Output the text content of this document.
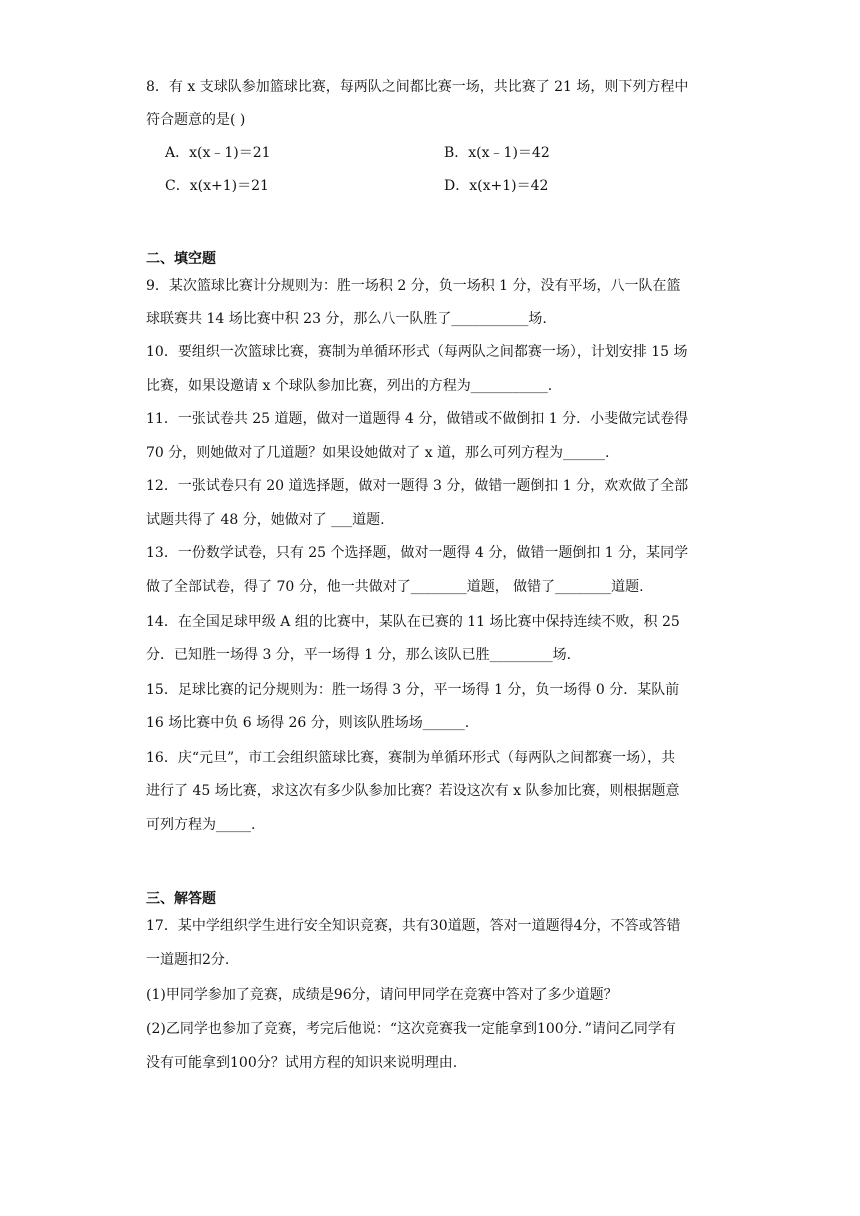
8．有 x 支球队参加篮球比赛，每两队之间都比赛一场，共比赛了 21 场，则下列方程中
符合题意的是( )
A．x(x﹣1)＝21	B．x(x﹣1)＝42
C．x(x+1)＝21	D．x(x+1)＝42
二、填空题
9．某次篮球比赛计分规则为：胜一场积 2 分，负一场积 1 分，没有平场，八一队在篮
球联赛共 14 场比赛中积 23 分，那么八一队胜了___________场.
10．要组织一次篮球比赛，赛制为单循环形式（每两队之间都赛一场），计划安排 15 场
比赛，如果设邀请 x 个球队参加比赛，列出的方程为___________.
11．一张试卷共 25 道题，做对一道题得 4 分，做错或不做倒扣 1 分．小斐做完试卷得
70 分，则她做对了几道题？如果设她做对了 x 道，那么可列方程为______.
12．一张试卷只有 20 道选择题，做对一题得 3 分，做错一题倒扣 1 分，欢欢做了全部
试题共得了 48 分，她做对了 ___道题.
13．一份数学试卷，只有 25 个选择题，做对一题得 4 分，做错一题倒扣 1 分，某同学
做了全部试卷，得了 70 分，他一共做对了________道题， 做错了________道题.
14．在全国足球甲级 A 组的比赛中，某队在已赛的 11 场比赛中保持连续不败，积 25
分．已知胜一场得 3 分，平一场得 1 分，那么该队已胜_________场.
15．足球比赛的记分规则为：胜一场得 3 分，平一场得 1 分，负一场得 0 分．某队前
16 场比赛中负 6 场得 26 分，则该队胜场场______.
16．庆“元旦”，市工会组织篮球比赛，赛制为单循环形式（每两队之间都赛一场），共
进行了 45 场比赛，求这次有多少队参加比赛？若设这次有 x 队参加比赛，则根据题意
可列方程为_____.
三、解答题
17．某中学组织学生进行安全知识竞赛，共有30道题，答对一道题得4分，不答或答错
一道题扣2分.
(1)甲同学参加了竞赛，成绩是96分，请问甲同学在竞赛中答对了多少道题？
(2)乙同学也参加了竞赛，考完后他说：“这次竞赛我一定能拿到100分．”请问乙同学有
没有可能拿到100分？试用方程的知识来说明理由.
